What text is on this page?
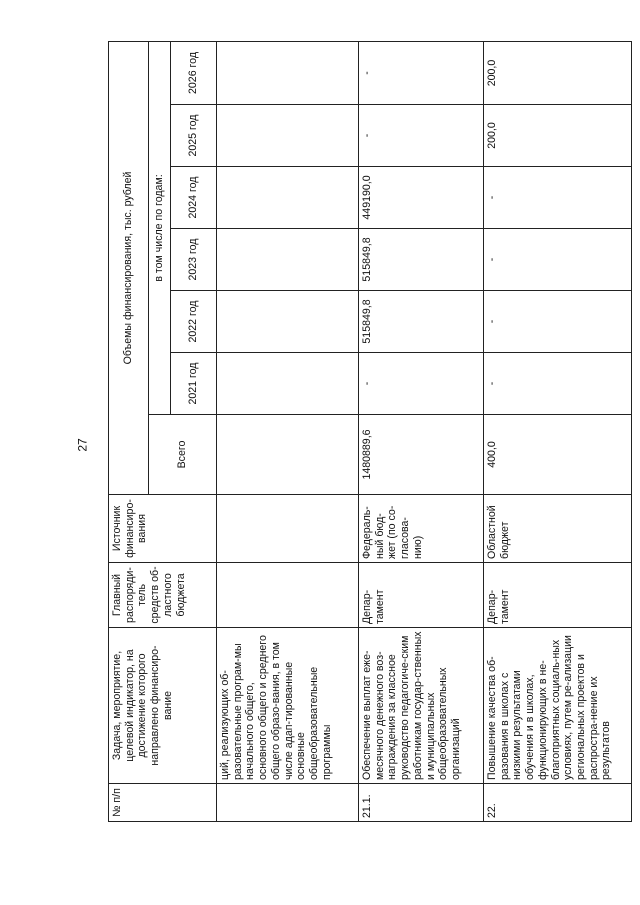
27
№ п/п	Задача, мероприятие, целевой индикатор, на достижение которого направлено финансиро-вание	Главный распоряди-тель средств об-ластного бюджета	Источник финансиро-вания	Объемы финансирования, тыс. рублей						
				Всего	в том числе по годам:					
					2021 год	2022 год	2023 год	2024 год	2025 год	2026 год
	ций, реализующих об-разовательные програм-мы начального общего, основного общего и среднего общего образо-вания, в том числе адап-тированные основные общеобразовательные программы									
21.1.	Обеспечение выплат еже-месячного денежного воз-награждения за классное руководство педагогиче-ским работникам государ-ственных и муниципальных общеобразовательных организаций	Депар-тамент	Федераль-ный бюд-жет (по со-гласова-нию)	1480889,6	-	515849,8	515849,8	449190,0	-	-
22.	Повышение качества об-разования в школах с низкими результатами обучения и в школах, функционирующих в не-благоприятных социаль-ных условиях, путем ре-ализации региональных проектов и распростра-нение их результатов	Депар-тамент	Областной бюджет	400,0	-	-	-	-	200,0	200,0
